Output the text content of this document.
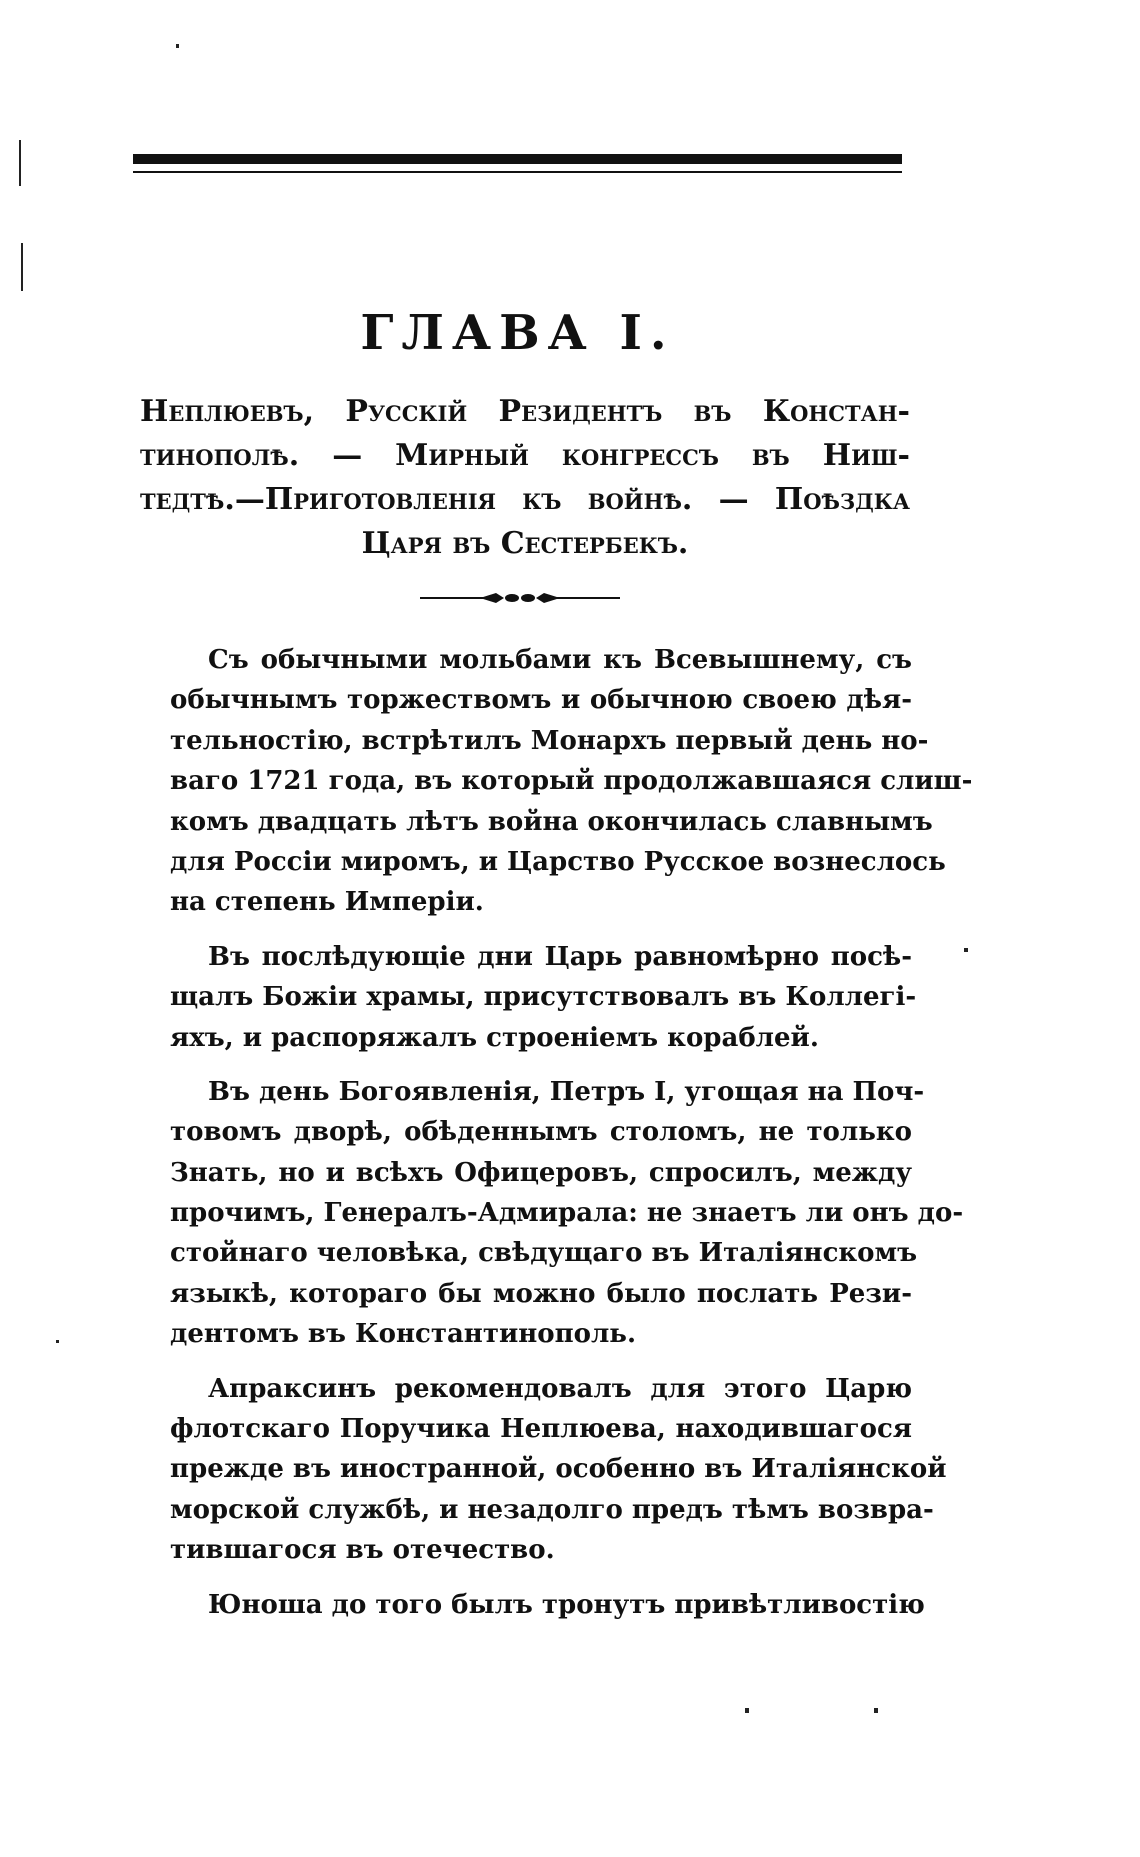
ГЛАВА I.
Неплюевъ, Русскій Резидентъ въ Констан-
тинополѣ. — Мирный конгрессъ въ Ниш-
тедтѣ.—Приготовленія къ войнѣ. — Поѣздка
Царя въ Сестербекъ.
Съ обычными мольбами къ Всевышнему, съ
обычнымъ торжествомъ и обычною своею дѣя-
тельностію, встрѣтилъ Монархъ первый день но-
ваго 1721 года, въ который продолжавшаяся слиш-
комъ двадцать лѣтъ война окончилась славнымъ
для Россіи миромъ, и Царство Русское вознеслось
на степень Имперіи.
Въ послѣдующіе дни Царь равномѣрно посѣ-
щалъ Божіи храмы, присутствовалъ въ Коллегі-
яхъ, и распоряжалъ строеніемъ кораблей.
Въ день Богоявленія, Петръ I, угощая на Поч-
товомъ дворѣ, обѣденнымъ столомъ, не только
Знать, но и всѣхъ Офицеровъ, спросилъ, между
прочимъ, Генералъ-Адмирала: не знаетъ ли онъ до-
стойнаго человѣка, свѣдущаго въ Италіянскомъ
языкѣ, котораго бы можно было послать Рези-
дентомъ въ Константинополь.
Апраксинъ рекомендовалъ для этого Царю
флотскаго Поручика Неплюева, находившагося
прежде въ иностранной, особенно въ Италіянской
морской службѣ, и незадолго предъ тѣмъ возвра-
тившагося въ отечество.
Юноша до того былъ тронутъ привѣтливостію
